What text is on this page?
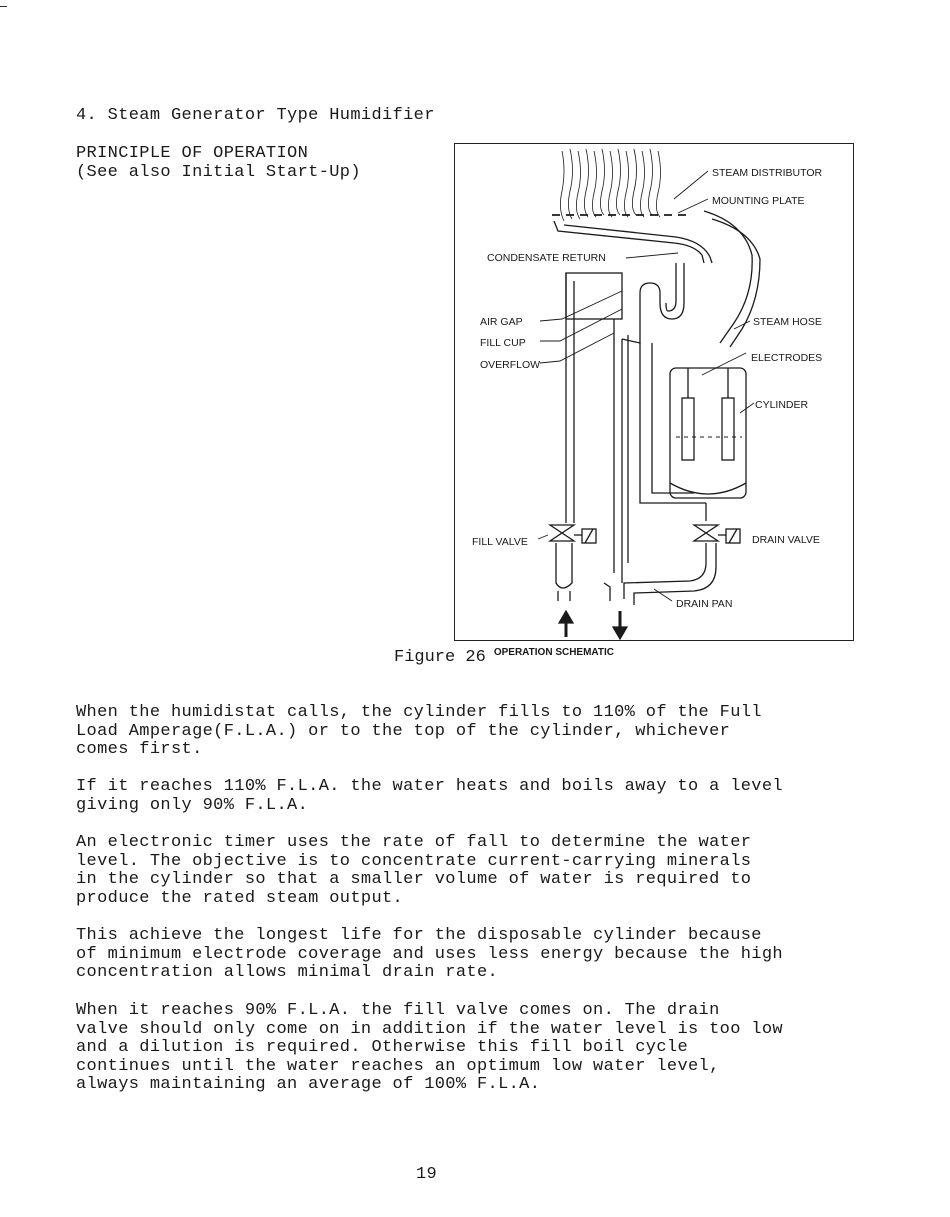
4. Steam Generator Type Humidifier
PRINCIPLE OF OPERATION
(See also Initial Start-Up)	STEAM DISTRIBUTOR
MOUNTING PLATE
CONDENSATE RETURN
AIR GAP
FILL CUP
OVERFLOW
STEAM HOSE
ELECTRODES
CYLINDER
FILL VALVE	DRAIN VALVE
DRAIN PAN
Figure 26 $^{OPERATION SCHEMATIC}$
When the humidistat calls, the cylinder fills to 110% of the Full
Load Amperage(F.L.A.) or to the top of the cylinder, whichever
comes first.
If it reaches 110% F.L.A. the water heats and boils away to a level
giving only 90% F.L.A.
An electronic timer uses the rate of fall to determine the water
level. The objective is to concentrate current-carrying minerals
in the cylinder so that a smaller volume of water is required to
produce the rated steam output.
This achieve the longest life for the disposable cylinder because
of minimum electrode coverage and uses less energy because the high
concentration allows minimal drain rate.
When it reaches 90% F.L.A. the fill valve comes on. The drain
valve should only come on in addition if the water level is too low
and a dilution is required. Otherwise this fill boil cycle
continues until the water reaches an optimum low water level,
always maintaining an average of 100% F.L.A.
19
